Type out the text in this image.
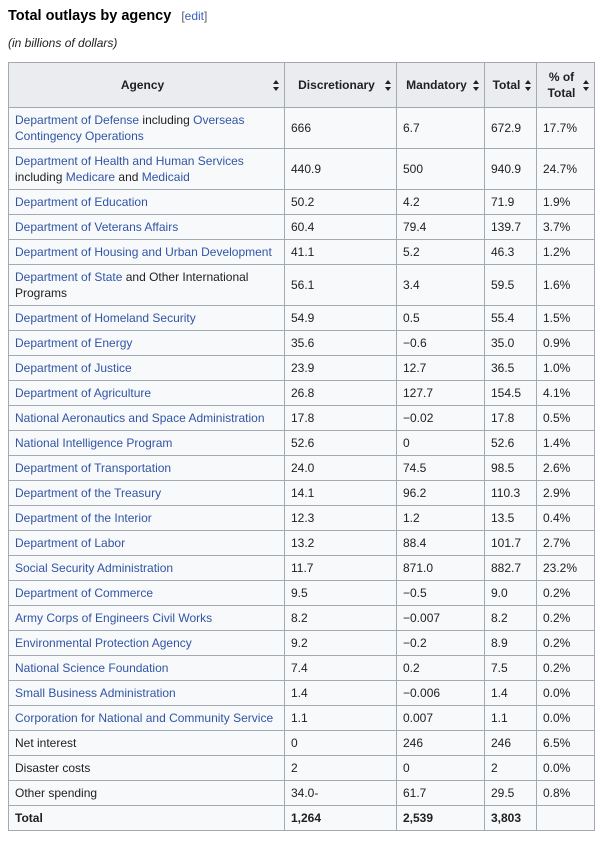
Total outlays by agency [edit]
(in billions of dollars)
Agency	Discretionary	Mandatory	Total	% of Total

Department of Defense including Overseas Contingency Operations	666	6.7	672.9	17.7%
Department of Health and Human Services including Medicare and Medicaid	440.9	500	940.9	24.7%
Department of Education	50.2	4.2	71.9	1.9%
Department of Veterans Affairs	60.4	79.4	139.7	3.7%
Department of Housing and Urban Development	41.1	5.2	46.3	1.2%
Department of State and Other International Programs	56.1	3.4	59.5	1.6%
Department of Homeland Security	54.9	0.5	55.4	1.5%
Department of Energy	35.6	−0.6	35.0	0.9%
Department of Justice	23.9	12.7	36.5	1.0%
Department of Agriculture	26.8	127.7	154.5	4.1%
National Aeronautics and Space Administration	17.8	−0.02	17.8	0.5%
National Intelligence Program	52.6	0	52.6	1.4%
Department of Transportation	24.0	74.5	98.5	2.6%
Department of the Treasury	14.1	96.2	110.3	2.9%
Department of the Interior	12.3	1.2	13.5	0.4%
Department of Labor	13.2	88.4	101.7	2.7%
Social Security Administration	11.7	871.0	882.7	23.2%
Department of Commerce	9.5	−0.5	9.0	0.2%
Army Corps of Engineers Civil Works	8.2	−0.007	8.2	0.2%
Environmental Protection Agency	9.2	−0.2	8.9	0.2%
National Science Foundation	7.4	0.2	7.5	0.2%
Small Business Administration	1.4	−0.006	1.4	0.0%
Corporation for National and Community Service	1.1	0.007	1.1	0.0%
Net interest	0	246	246	6.5%
Disaster costs	2	0	2	0.0%
Other spending	34.0-	61.7	29.5	0.8%
Total	1,264	2,539	3,803	
